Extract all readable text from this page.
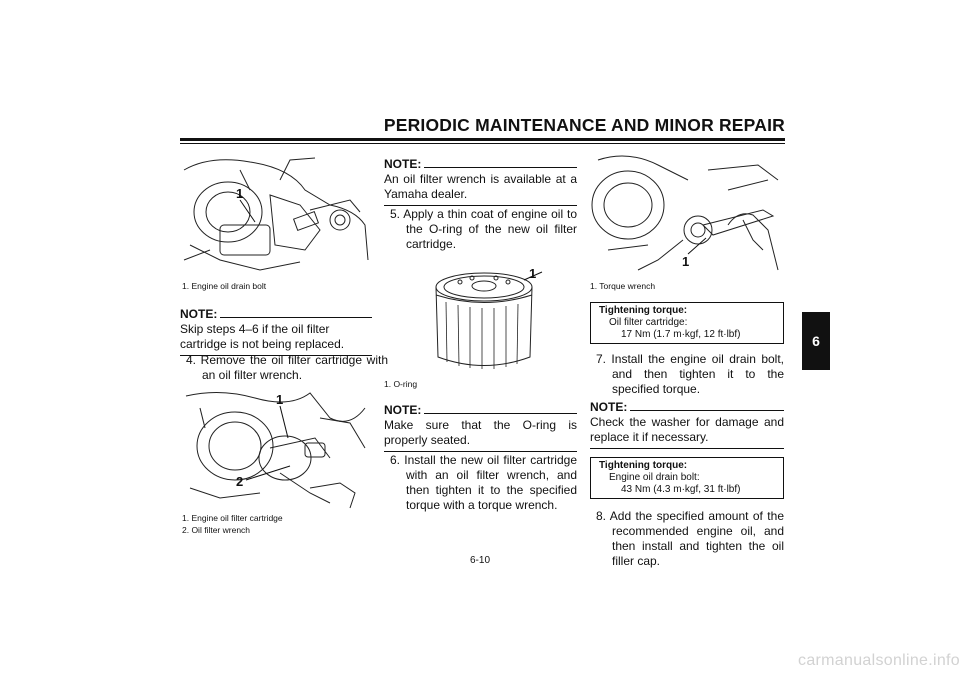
PERIODIC MAINTENANCE AND MINOR REPAIR
6
1
1. Engine oil drain bolt
NOTE:
Skip steps 4–6 if the oil filter cartridge is not being replaced.
4. Remove the oil filter cartridge with an oil filter wrench.
1
2
1. Engine oil filter cartridge
2. Oil filter wrench
NOTE:
An oil filter wrench is available at a Yamaha dealer.
5. Apply a thin coat of engine oil to the O-ring of the new oil filter cartridge.
1
1. O-ring
NOTE:
Make sure that the O-ring is properly seated.
6. Install the new oil filter cartridge with an oil filter wrench, and then tighten it to the specified torque with a torque wrench.
1
1. Torque wrench
Tightening torque:
Oil filter cartridge:
17 Nm (1.7 m·kgf, 12 ft·lbf)
7. Install the engine oil drain bolt, and then tighten it to the specified torque.
NOTE:
Check the washer for damage and replace it if necessary.
Tightening torque:
Engine oil drain bolt:
43 Nm (4.3 m·kgf, 31 ft·lbf)
8. Add the specified amount of the recommended engine oil, and then install and tighten the oil filler cap.
6-10
carmanualsonline.info
